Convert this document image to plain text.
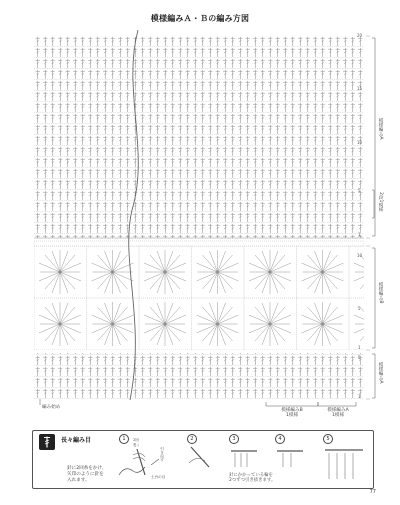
模様編みＡ・Ｂの編み方図
20
15
10
5
1
10
5
1
5
1
模様編みA
2段1模様
模様編みB
模様編みA
編み始め
模様編みB
1模様
模様編みA
1模様
長々編み目
針に2回糸をかけ、
矢印のように針を
入れます。
1	2	3	4	5
2回
巻く
引き出す
土台の目	針にかかっている輪を
2つずつ引き抜きます。
77
